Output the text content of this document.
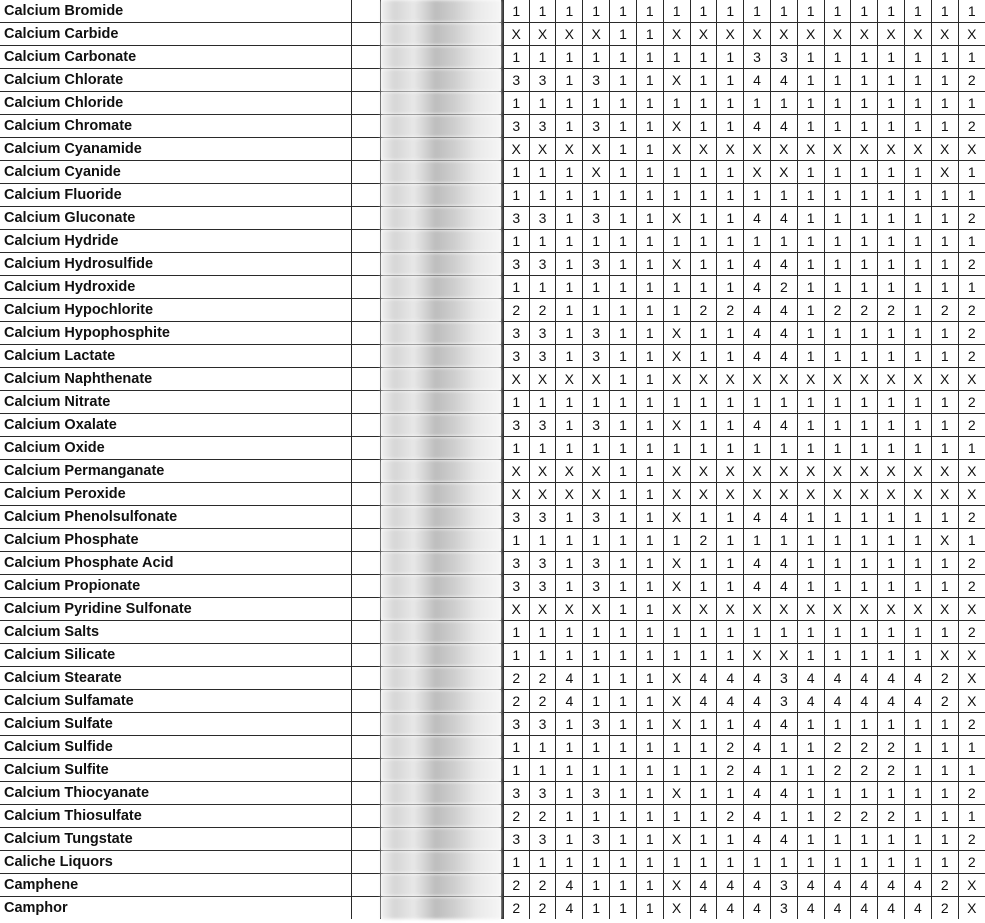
Calcium Bromide			1	1	1	1	1	1	1	1	1	1	1	1	1	1	1	1	1	1
Calcium Carbide			X	X	X	X	1	1	X	X	X	X	X	X	X	X	X	X	X	X
Calcium Carbonate			1	1	1	1	1	1	1	1	1	3	3	1	1	1	1	1	1	1
Calcium Chlorate			3	3	1	3	1	1	X	1	1	4	4	1	1	1	1	1	1	2
Calcium Chloride			1	1	1	1	1	1	1	1	1	1	1	1	1	1	1	1	1	1
Calcium Chromate			3	3	1	3	1	1	X	1	1	4	4	1	1	1	1	1	1	2
Calcium Cyanamide			X	X	X	X	1	1	X	X	X	X	X	X	X	X	X	X	X	X
Calcium Cyanide			1	1	1	X	1	1	1	1	1	X	X	1	1	1	1	1	X	1
Calcium Fluoride			1	1	1	1	1	1	1	1	1	1	1	1	1	1	1	1	1	1
Calcium Gluconate			3	3	1	3	1	1	X	1	1	4	4	1	1	1	1	1	1	2
Calcium Hydride			1	1	1	1	1	1	1	1	1	1	1	1	1	1	1	1	1	1
Calcium Hydrosulfide			3	3	1	3	1	1	X	1	1	4	4	1	1	1	1	1	1	2
Calcium Hydroxide			1	1	1	1	1	1	1	1	1	4	2	1	1	1	1	1	1	1
Calcium Hypochlorite			2	2	1	1	1	1	1	2	2	4	4	1	2	2	2	1	2	2
Calcium Hypophosphite			3	3	1	3	1	1	X	1	1	4	4	1	1	1	1	1	1	2
Calcium Lactate			3	3	1	3	1	1	X	1	1	4	4	1	1	1	1	1	1	2
Calcium Naphthenate			X	X	X	X	1	1	X	X	X	X	X	X	X	X	X	X	X	X
Calcium Nitrate			1	1	1	1	1	1	1	1	1	1	1	1	1	1	1	1	1	2
Calcium Oxalate			3	3	1	3	1	1	X	1	1	4	4	1	1	1	1	1	1	2
Calcium Oxide			1	1	1	1	1	1	1	1	1	1	1	1	1	1	1	1	1	1
Calcium Permanganate			X	X	X	X	1	1	X	X	X	X	X	X	X	X	X	X	X	X
Calcium Peroxide			X	X	X	X	1	1	X	X	X	X	X	X	X	X	X	X	X	X
Calcium Phenolsulfonate			3	3	1	3	1	1	X	1	1	4	4	1	1	1	1	1	1	2
Calcium Phosphate			1	1	1	1	1	1	1	2	1	1	1	1	1	1	1	1	X	1
Calcium Phosphate Acid			3	3	1	3	1	1	X	1	1	4	4	1	1	1	1	1	1	2
Calcium Propionate			3	3	1	3	1	1	X	1	1	4	4	1	1	1	1	1	1	2
Calcium Pyridine Sulfonate			X	X	X	X	1	1	X	X	X	X	X	X	X	X	X	X	X	X
Calcium Salts			1	1	1	1	1	1	1	1	1	1	1	1	1	1	1	1	1	2
Calcium Silicate			1	1	1	1	1	1	1	1	1	X	X	1	1	1	1	1	X	X
Calcium Stearate			2	2	4	1	1	1	X	4	4	4	3	4	4	4	4	4	2	X
Calcium Sulfamate			2	2	4	1	1	1	X	4	4	4	3	4	4	4	4	4	2	X
Calcium Sulfate			3	3	1	3	1	1	X	1	1	4	4	1	1	1	1	1	1	2
Calcium Sulfide			1	1	1	1	1	1	1	1	2	4	1	1	2	2	2	1	1	1
Calcium Sulfite			1	1	1	1	1	1	1	1	2	4	1	1	2	2	2	1	1	1
Calcium Thiocyanate			3	3	1	3	1	1	X	1	1	4	4	1	1	1	1	1	1	2
Calcium Thiosulfate			2	2	1	1	1	1	1	1	2	4	1	1	2	2	2	1	1	1
Calcium Tungstate			3	3	1	3	1	1	X	1	1	4	4	1	1	1	1	1	1	2
Caliche Liquors			1	1	1	1	1	1	1	1	1	1	1	1	1	1	1	1	1	2
Camphene			2	2	4	1	1	1	X	4	4	4	3	4	4	4	4	4	2	X
Camphor			2	2	4	1	1	1	X	4	4	4	3	4	4	4	4	4	2	X
